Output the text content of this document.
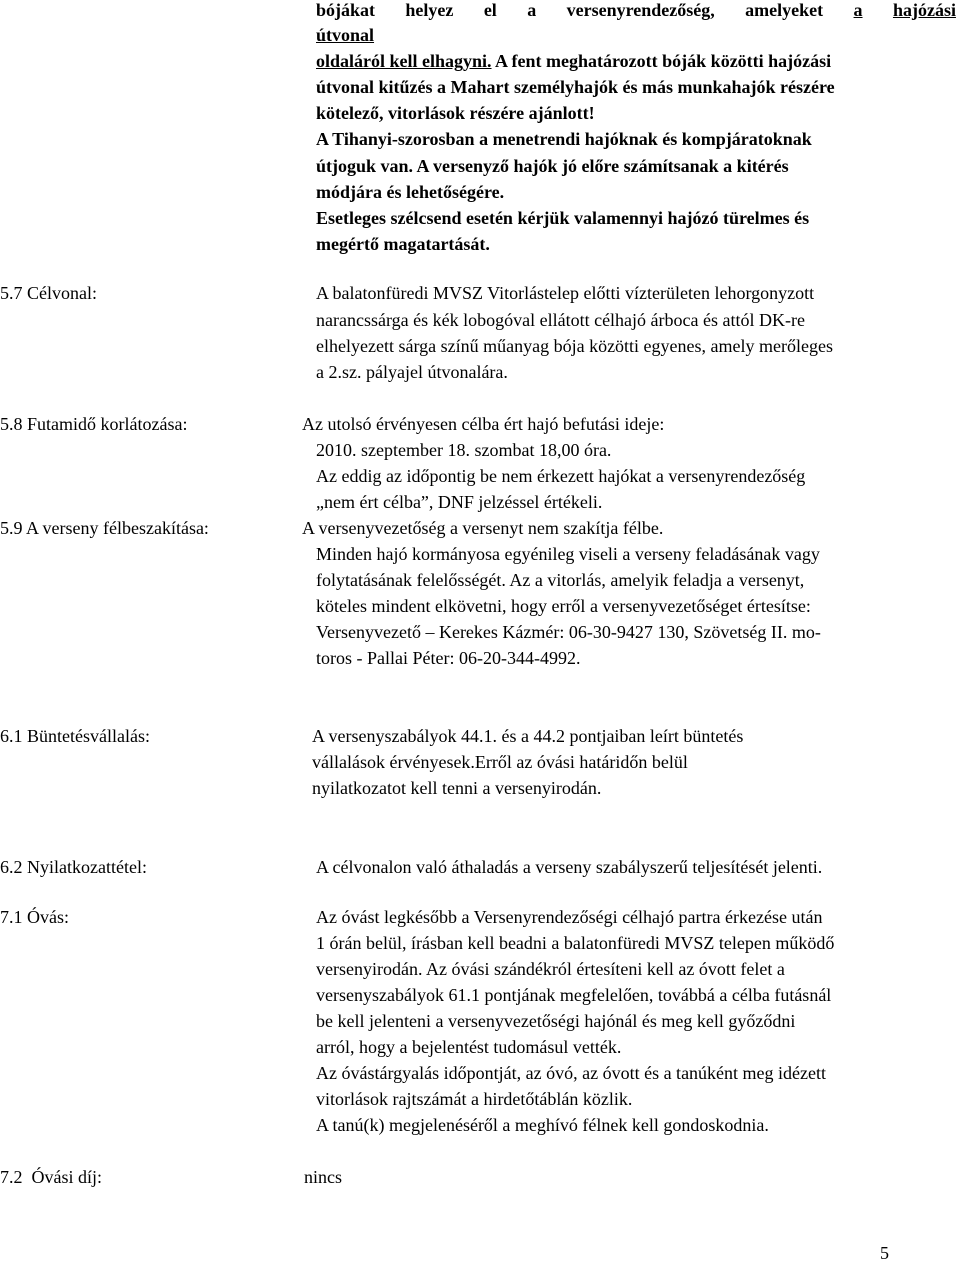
bójákat helyez el a versenyrendezőség, amelyeket a hajózási
útvonal
oldaláról kell elhagyni. A fent meghatározott bóják közötti hajózási
útvonal kitűzés a Mahart személyhajók és más munkahajók részére
kötelező, vitorlások részére ajánlott!
A Tihanyi-szorosban a menetrendi hajóknak és kompjáratoknak
útjoguk van. A versenyző hajók jó előre számítsanak a kitérés
módjára és lehetőségére.
Esetleges szélcsend esetén kérjük valamennyi hajózó türelmes és
megértő magatartását.
5.7 Célvonal:	A balatonfüredi MVSZ Vitorlástelep előtti vízterületen lehorgonyzott
narancssárga és kék lobogóval ellátott célhajó árboca és attól DK-re
elhelyezett sárga színű műanyag bója közötti egyenes, amely merőleges
a 2.sz. pályajel útvonalára.
5.8 Futamidő korlátozása:	Az utolsó érvényesen célba ért hajó befutási ideje:
2010. szeptember 18. szombat 18,00 óra.
Az eddig az időpontig be nem érkezett hajókat a versenyrendezőség
„nem ért célba”, DNF jelzéssel értékeli.
5.9 A verseny félbeszakítása:	A versenyvezetőség a versenyt nem szakítja félbe.
Minden hajó kormányosa egyénileg viseli a verseny feladásának vagy
folytatásának felelősségét. Az a vitorlás, amelyik feladja a versenyt,
köteles mindent elkövetni, hogy erről a versenyvezetőséget értesítse:
Versenyvezető – Kerekes Kázmér: 06-30-9427 130, Szövetség II. mo-
toros - Pallai Péter: 06-20-344-4992.
6.1 Büntetésvállalás:	A versenyszabályok 44.1. és a 44.2 pontjaiban leírt büntetés
vállalások érvényesek.Erről az óvási határidőn belül
nyilatkozatot kell tenni a versenyirodán.
6.2 Nyilatkozattétel:	A célvonalon való áthaladás a verseny szabályszerű teljesítését jelenti.
7.1 Óvás:	Az óvást legkésőbb a Versenyrendezőségi célhajó partra érkezése után
1 órán belül, írásban kell beadni a balatonfüredi MVSZ telepen működő
versenyirodán. Az óvási szándékról értesíteni kell az óvott felet a
versenyszabályok 61.1 pontjának megfelelően, továbbá a célba futásnál
be kell jelenteni a versenyvezetőségi hajónál és meg kell győződni
arról, hogy a bejelentést tudomásul vették.
Az óvástárgyalás időpontját, az óvó, az óvott és a tanúként meg idézett
vitorlások rajtszámát a hirdetőtáblán közlik.
A tanú(k) megjelenéséről a meghívó félnek kell gondoskodnia.
7.2  Óvási díj:	nincs
5
